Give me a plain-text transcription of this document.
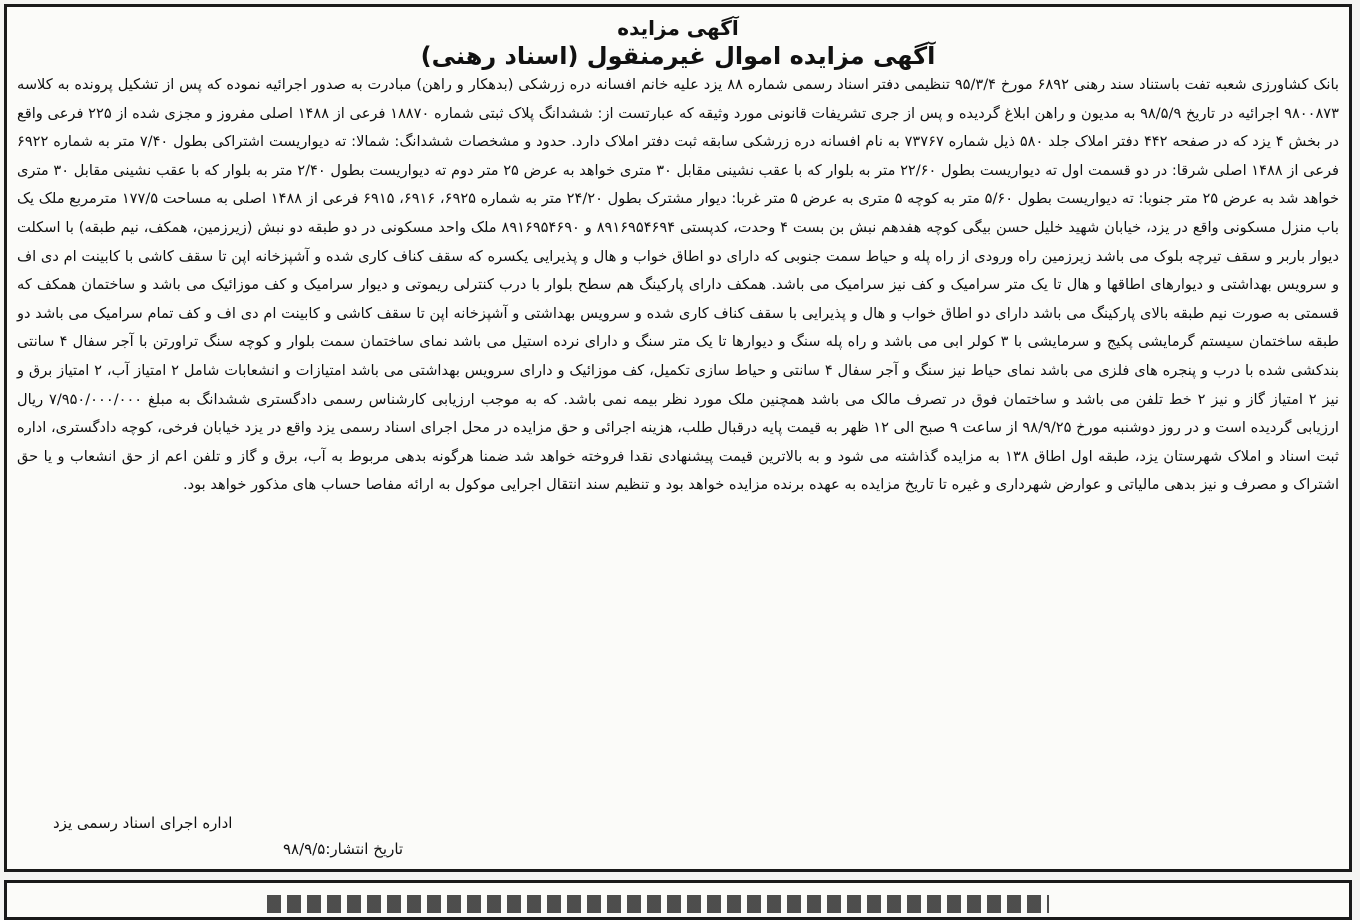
آگهی مزایده
آگهی مزایده اموال غیرمنقول (اسناد رهنی)
بانک کشاورزی شعبه تفت باستناد سند رهنی ۶۸۹۲ مورخ ۹۵/۳/۴ تنظیمی دفتر اسناد رسمی شماره ۸۸ یزد علیه خانم افسانه دره زرشکی (بدهکار و راهن) مبادرت به صدور اجرائیه نموده که پس از تشکیل پرونده به کلاسه ۹۸۰۰۸۷۳ اجرائیه در تاریخ ۹۸/۵/۹ به مدیون و راهن ابلاغ گردیده و پس از جری تشریفات قانونی مورد وثیقه که عبارتست از: ششدانگ پلاک ثبتی شماره ۱۸۸۷۰ فرعی از ۱۴۸۸ اصلی مفروز و مجزی شده از ۲۲۵ فرعی واقع در بخش ۴ یزد که در صفحه ۴۴۲ دفتر املاک جلد ۵۸۰ ذیل شماره ۷۳۷۶۷ به نام افسانه دره زرشکی سابقه ثبت دفتر املاک دارد. حدود و مشخصات ششدانگ: شمالا: ته دیواریست اشتراکی بطول ۷/۴۰ متر به شماره ۶۹۲۲ فرعی از ۱۴۸۸ اصلی شرقا: در دو قسمت اول ته دیواریست بطول ۲۲/۶۰ متر به بلوار که با عقب نشینی مقابل ۳۰ متری خواهد به عرض ۲۵ متر دوم ته دیواریست بطول ۲/۴۰ متر به بلوار که با عقب نشینی مقابل ۳۰ متری خواهد شد به عرض ۲۵ متر جنوبا: ته دیواریست بطول ۵/۶۰ متر به کوچه ۵ متری به عرض ۵ متر غربا: دیوار مشترک بطول ۲۴/۲۰ متر به شماره ۶۹۲۵، ۶۹۱۶، ۶۹۱۵ فرعی از ۱۴۸۸ اصلی به مساحت ۱۷۷/۵ مترمربع ملک یک باب منزل مسکونی واقع در یزد، خیابان شهید خلیل حسن بیگی کوچه هفدهم نبش بن بست ۴ وحدت، کدپستی ۸۹۱۶۹۵۴۶۹۴ و ۸۹۱۶۹۵۴۶۹۰ ملک واحد مسکونی در دو طبقه دو نبش (زیرزمین، همکف، نیم طبقه) با اسکلت دیوار باربر و سقف تیرچه بلوک می باشد زیرزمین راه ورودی از راه پله و حیاط سمت جنوبی که دارای دو اطاق خواب و هال و پذیرایی یکسره که سقف کناف کاری شده و آشپزخانه اپن تا سقف کاشی با کابینت ام دی اف و سرویس بهداشتی و دیوارهای اطاقها و هال تا یک متر سرامیک و کف نیز سرامیک می باشد. همکف دارای پارکینگ هم سطح بلوار با درب کنترلی ریموتی و دیوار سرامیک و کف موزائیک می باشد و ساختمان همکف که قسمتی به صورت نیم طبقه بالای پارکینگ می باشد دارای دو اطاق خواب و هال و پذیرایی با سقف کناف کاری شده و سرویس بهداشتی و آشپزخانه اپن تا سقف کاشی و کابینت ام دی اف و کف تمام سرامیک می باشد دو طبقه ساختمان سیستم گرمایشی پکیج و سرمایشی با ۳ کولر ابی می باشد و راه پله سنگ و دیوارها تا یک متر سنگ و دارای نرده استیل می باشد نمای ساختمان سمت بلوار و کوچه سنگ تراورتن با آجر سفال ۴ سانتی بندکشی شده با درب و پنجره های فلزی می باشد نمای حیاط نیز سنگ و آجر سفال ۴ سانتی و حیاط سازی تکمیل، کف موزائیک و دارای سرویس بهداشتی می باشد امتیازات و انشعابات شامل ۲ امتیاز آب، ۲ امتیاز برق و نیز ۲ امتیاز گاز و نیز ۲ خط تلفن می باشد و ساختمان فوق در تصرف مالک می باشد همچنین ملک مورد نظر بیمه نمی باشد. که به موجب ارزیابی کارشناس رسمی دادگستری ششدانگ به مبلغ ۷/۹۵۰/۰۰۰/۰۰۰ ریال ارزیابی گردیده است و در روز دوشنبه مورخ ۹۸/۹/۲۵ از ساعت ۹ صبح الی ۱۲ ظهر به قیمت پایه درقبال طلب، هزینه اجرائی و حق مزایده در محل اجرای اسناد رسمی یزد واقع در یزد خیابان فرخی، کوچه دادگستری، اداره ثبت اسناد و املاک شهرستان یزد، طبقه اول اطاق ۱۳۸ به مزایده گذاشته می شود و به بالاترین قیمت پیشنهادی نقدا فروخته خواهد شد ضمنا هرگونه بدهی مربوط به آب، برق و گاز و تلفن اعم از حق انشعاب و یا حق اشتراک و مصرف و نیز بدهی مالیاتی و عوارض شهرداری و غیره تا تاریخ مزایده به عهده برنده مزایده خواهد بود و تنظیم سند انتقال اجرایی موکول به ارائه مفاصا حساب های مذکور خواهد بود.
اداره اجرای اسناد رسمی یزد
تاریخ انتشار:۹۸/۹/۵
